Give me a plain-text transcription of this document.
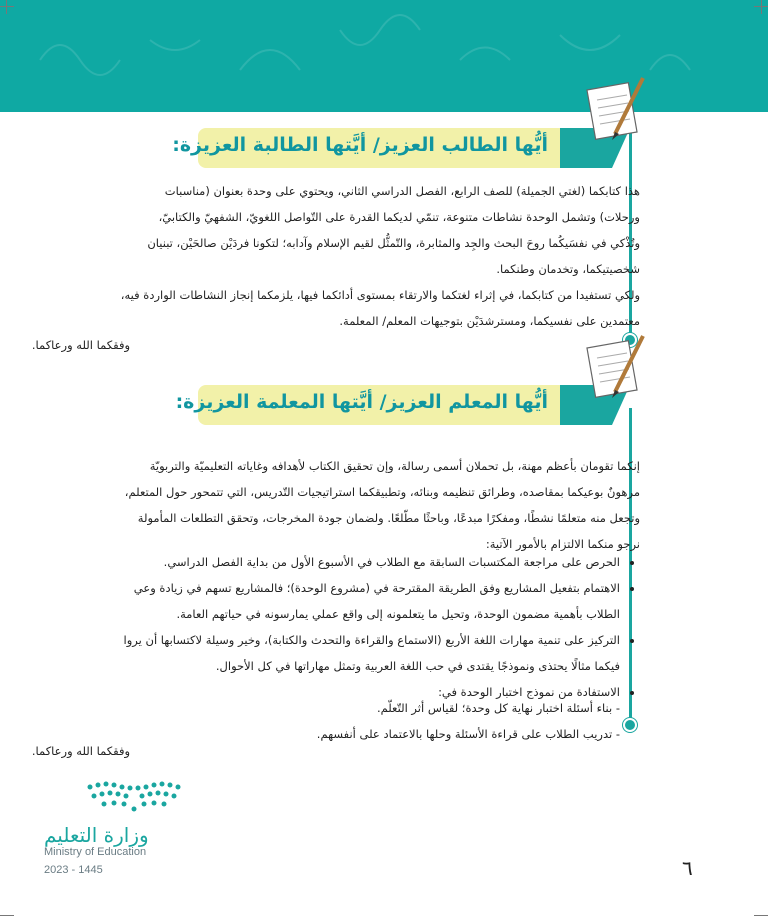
أيُّها الطالب العزيز/ أيَّتها الطالبة العزيزة:

هذا كتابكما (لغتي الجميلة) للصف الرابع، الفصل الدراسي الثاني، ويحتوي على وحدة بعنوان (مناسبات

ورحلات) وتشمل الوحدة نشاطات متنوعة، تنمّي لديكما القدرة على التّواصل اللغويّ، الشفهيّ والكتابيّ،

وتُذْكي في نفسَيكُما روحَ البحث والجِد والمثابرة، والتّمثُّل لقيم الإسلام وآدابه؛ لتكونا فردَيْن صالحَيْن، تبنيان

شخصيتيكما، وتخدمان وطنكما.

ولكي تستفيدا من كتابكما، في إثراء لغتكما والارتقاء بمستوى أدائكما فيها، يلزمكما إنجاز النشاطات الواردة فيه،

معتمدين على نفسيكما، ومسترشدَيْن بتوجيهات المعلم/ المعلمة.

وفقكما الله ورعاكما.
أيُّها المعلم العزيز/ أيَّتها المعلمة العزيزة:

إنكما تقومان بأعظم مهنة، بل تحملان أسمى رسالة، وإن تحقيق الكتاب لأهدافه وغاياته التعليميّة والتربويّة

مرهونٌ بوعيكما بمقاصده، وطرائق تنظيمه وبنائه، وتطبيقكما استراتيجيات التّدريس، التي تتمحور حول المتعلم،

وتجعل منه متعلمًا نشطًا، ومفكرًا مبدعًا، وباحثًا مطّلعًا. ولضمان جودة المخرجات، وتحقق التطلعات المأمولة

نرجو منكما الالتزام بالأمور الآتية:

• الحرص على مراجعة المكتسبات السابقة مع الطلاب في الأسبوع الأول من بداية الفصل الدراسي.
• الاهتمام بتفعيل المشاريع وفق الطريقة المقترحة في (مشروع الوحدة)؛ فالمشاريع تسهم في زيادة وعي
الطلاب بأهمية مضمون الوحدة، وتحيل ما يتعلمونه إلى واقع عملي يمارسونه في حياتهم العامة.
• التركيز على تنمية مهارات اللغة الأربع (الاستماع والقراءة والتحدث والكتابة)، وخير وسيلة لاكتسابها أن يروا
فيكما مثالًا يحتذى ونموذجًا يقتدى في حب اللغة العربية وتمثل مهاراتها في كل الأحوال.
• الاستفادة من نموذج اختبار الوحدة في:

- بناء أسئلة اختبار نهاية كل وحدة؛ لقياس أثر التّعلّم.

- تدريب الطلاب على قراءة الأسئلة وحلها بالاعتماد على أنفسهم.

وفقكما الله ورعاكما.
وزارة التعليم
Ministry of Education
2023 - 1445	٦
